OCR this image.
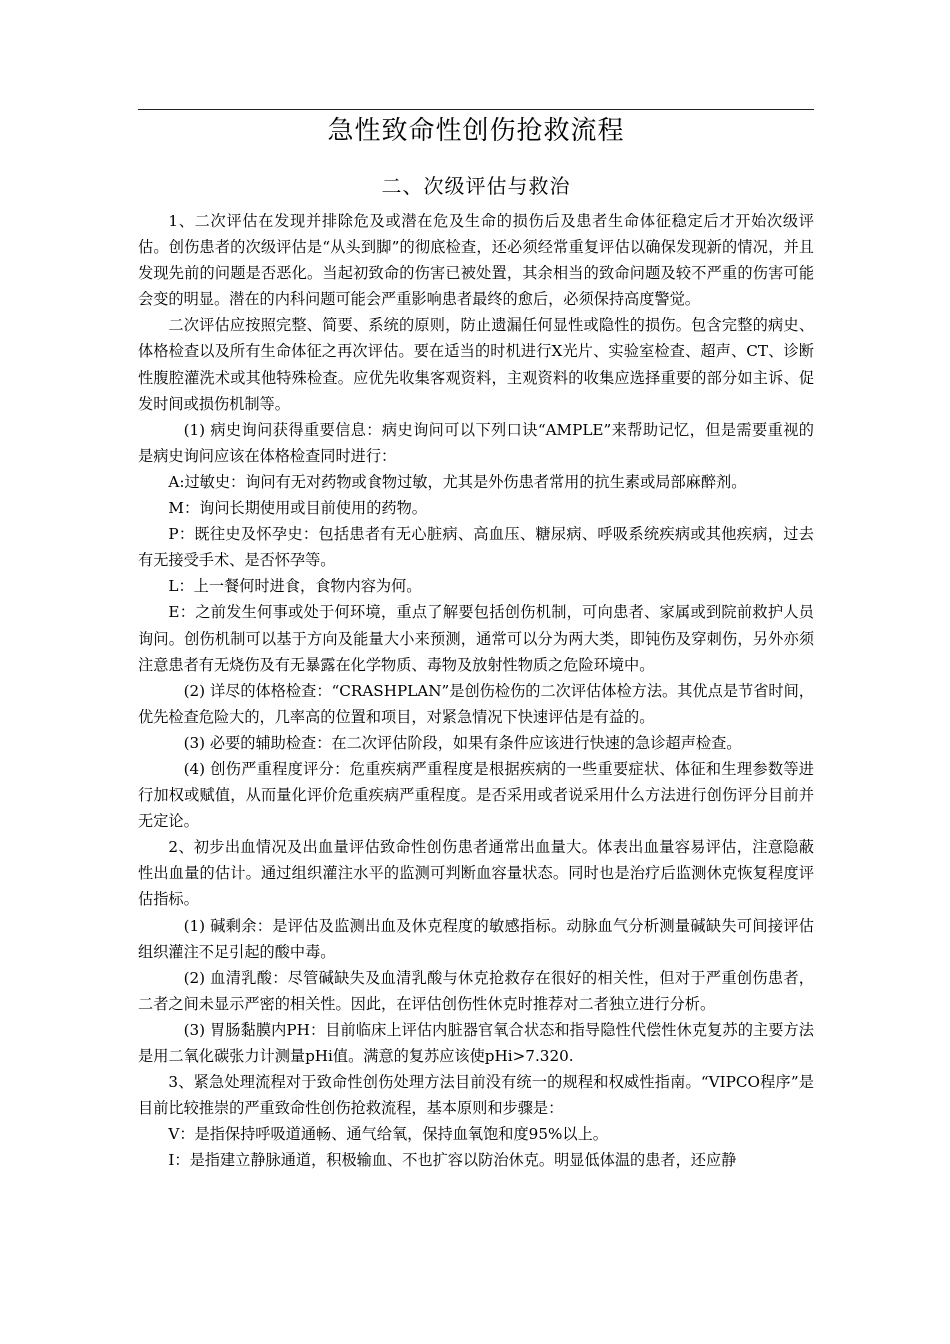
急性致命性创伤抢救流程
二、次级评估与救治

1、二次评估在发现并排除危及或潜在危及生命的损伤后及患者生命体征稳定后才开始次级评估。创伤患者的次级评估是“从头到脚”的彻底检查，还必须经常重复评估以确保发现新的情况，并且发现先前的问题是否恶化。当起初致命的伤害已被处置，其余相当的致命问题及较不严重的伤害可能会变的明显。潜在的内科问题可能会严重影响患者最终的愈后，必须保持高度警觉。

二次评估应按照完整、简要、系统的原则，防止遗漏任何显性或隐性的损伤。包含完整的病史、体格检查以及所有生命体征之再次评估。要在适当的时机进行X光片、实验室检查、超声、CT、诊断性腹腔灌洗术或其他特殊检查。应优先收集客观资料，主观资料的收集应选择重要的部分如主诉、促发时间或损伤机制等。

(1) 病史询问获得重要信息：病史询问可以下列口诀“AMPLE”来帮助记忆，但是需要重视的是病史询问应该在体格检查同时进行：

A:过敏史：询问有无对药物或食物过敏，尤其是外伤患者常用的抗生素或局部麻醉剂。

M：询问长期使用或目前使用的药物。

P：既往史及怀孕史：包括患者有无心脏病、高血压、糖尿病、呼吸系统疾病或其他疾病，过去有无接受手术、是否怀孕等。

L：上一餐何时进食，食物内容为何。

E：之前发生何事或处于何环境，重点了解要包括创伤机制，可向患者、家属或到院前救护人员询问。创伤机制可以基于方向及能量大小来预测，通常可以分为两大类，即钝伤及穿刺伤，另外亦须注意患者有无烧伤及有无暴露在化学物质、毒物及放射性物质之危险环境中。

(2) 详尽的体格检查：“CRASHPLAN”是创伤检伤的二次评估体检方法。其优点是节省时间，优先检查危险大的，几率高的位置和项目，对紧急情况下快速评估是有益的。

(3) 必要的辅助检查：在二次评估阶段，如果有条件应该进行快速的急诊超声检查。

(4) 创伤严重程度评分：危重疾病严重程度是根据疾病的一些重要症状、体征和生理参数等进行加权或赋值，从而量化评价危重疾病严重程度。是否采用或者说采用什么方法进行创伤评分目前并无定论。

2、初步出血情况及出血量评估致命性创伤患者通常出血量大。体表出血量容易评估，注意隐蔽性出血量的估计。通过组织灌注水平的监测可判断血容量状态。同时也是治疗后监测休克恢复程度评估指标。

(1) 碱剩余：是评估及监测出血及休克程度的敏感指标。动脉血气分析测量碱缺失可间接评估组织灌注不足引起的酸中毒。

(2) 血清乳酸：尽管碱缺失及血清乳酸与休克抢救存在很好的相关性，但对于严重创伤患者，二者之间未显示严密的相关性。因此，在评估创伤性休克时推荐对二者独立进行分析。

(3) 胃肠黏膜内PH：目前临床上评估内脏器官氧合状态和指导隐性代偿性休克复苏的主要方法是用二氧化碳张力计测量pHi值。满意的复苏应该使pHi>7.320.

3、紧急处理流程对于致命性创伤处理方法目前没有统一的规程和权威性指南。“VIPCO程序”是目前比较推崇的严重致命性创伤抢救流程，基本原则和步骤是：

V：是指保持呼吸道通畅、通气给氧，保持血氧饱和度95%以上。

I：是指建立静脉通道，积极输血、不也扩容以防治休克。明显低体温的患者，还应静
